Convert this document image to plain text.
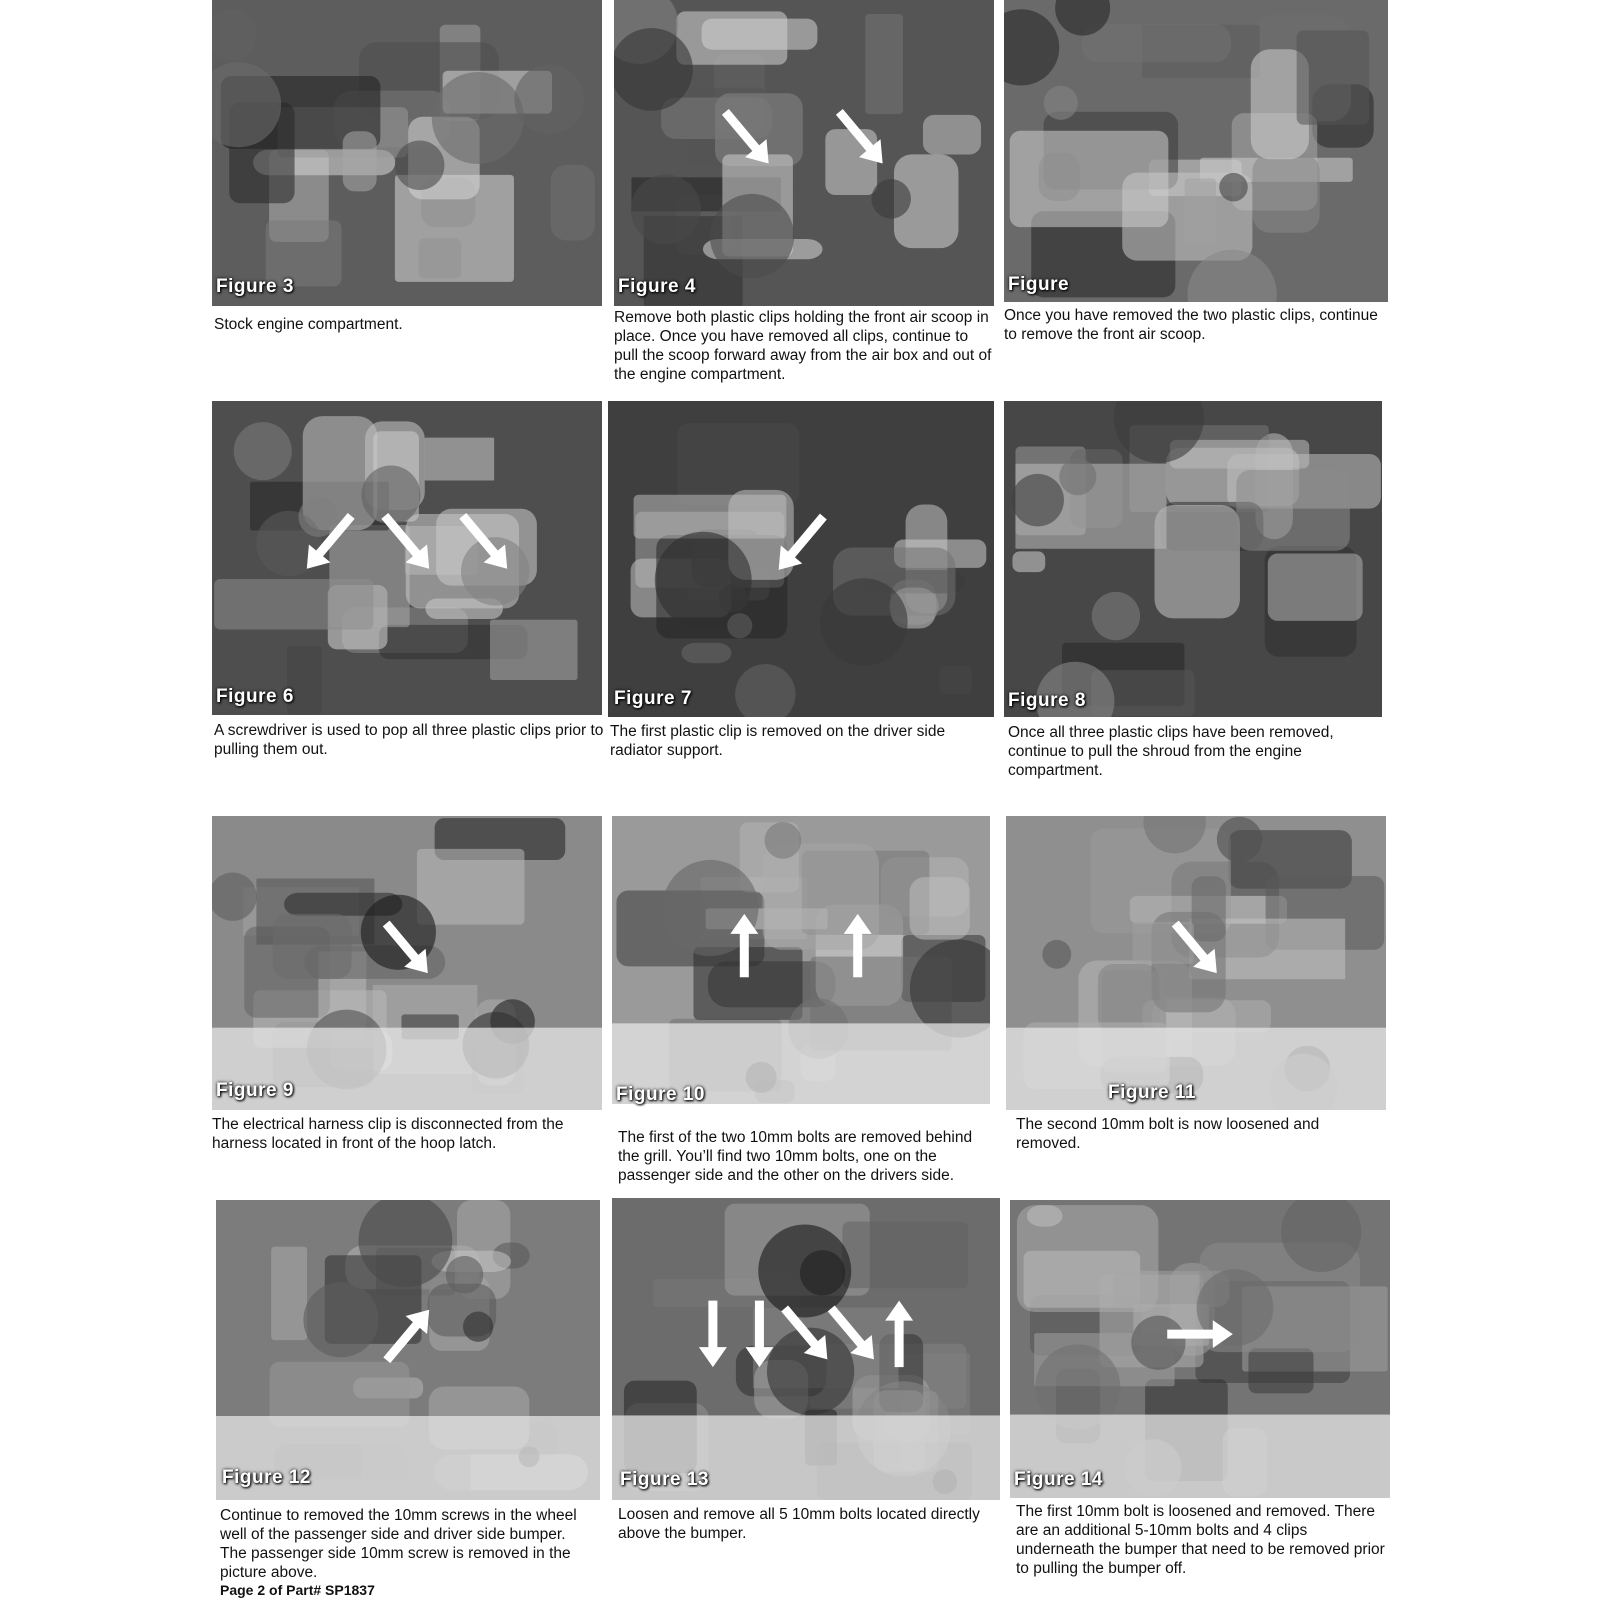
Figure 3
Stock engine compartment.
Figure 4
Remove both plastic clips holding the front air scoop in place. Once you have removed all clips, continue to pull the scoop forward away from the air box and out of the engine compartment.
Figure
Once you have removed the two plastic clips, continue to remove the front air scoop.
Figure 6
A screwdriver is used to pop all three plastic clips prior to pulling them out.
Figure 7
The first plastic clip is removed on the driver side radiator support.
Figure 8
Once all three plastic clips have been removed, continue to pull the shroud from the engine compartment.
Figure 9
The electrical harness clip is disconnected from the harness located in front of the hoop latch.
Figure 10
The first of the two 10mm bolts are removed behind the grill. You’ll find two 10mm bolts, one on the passenger side and the other on the drivers side.
Figure 11
The second 10mm bolt is now loosened and removed.
Figure 12
Continue to removed the 10mm screws in the wheel well of the passenger side and driver side bumper. The passenger side 10mm screw is removed in the picture above.
Figure 13
Loosen and remove all 5 10mm bolts located directly above the bumper.
Figure 14
The first 10mm bolt is loosened and removed. There are an additional 5-10mm bolts and 4 clips underneath the bumper that need to be removed prior to pulling the bumper off.
Page 2 of Part# SP1837
